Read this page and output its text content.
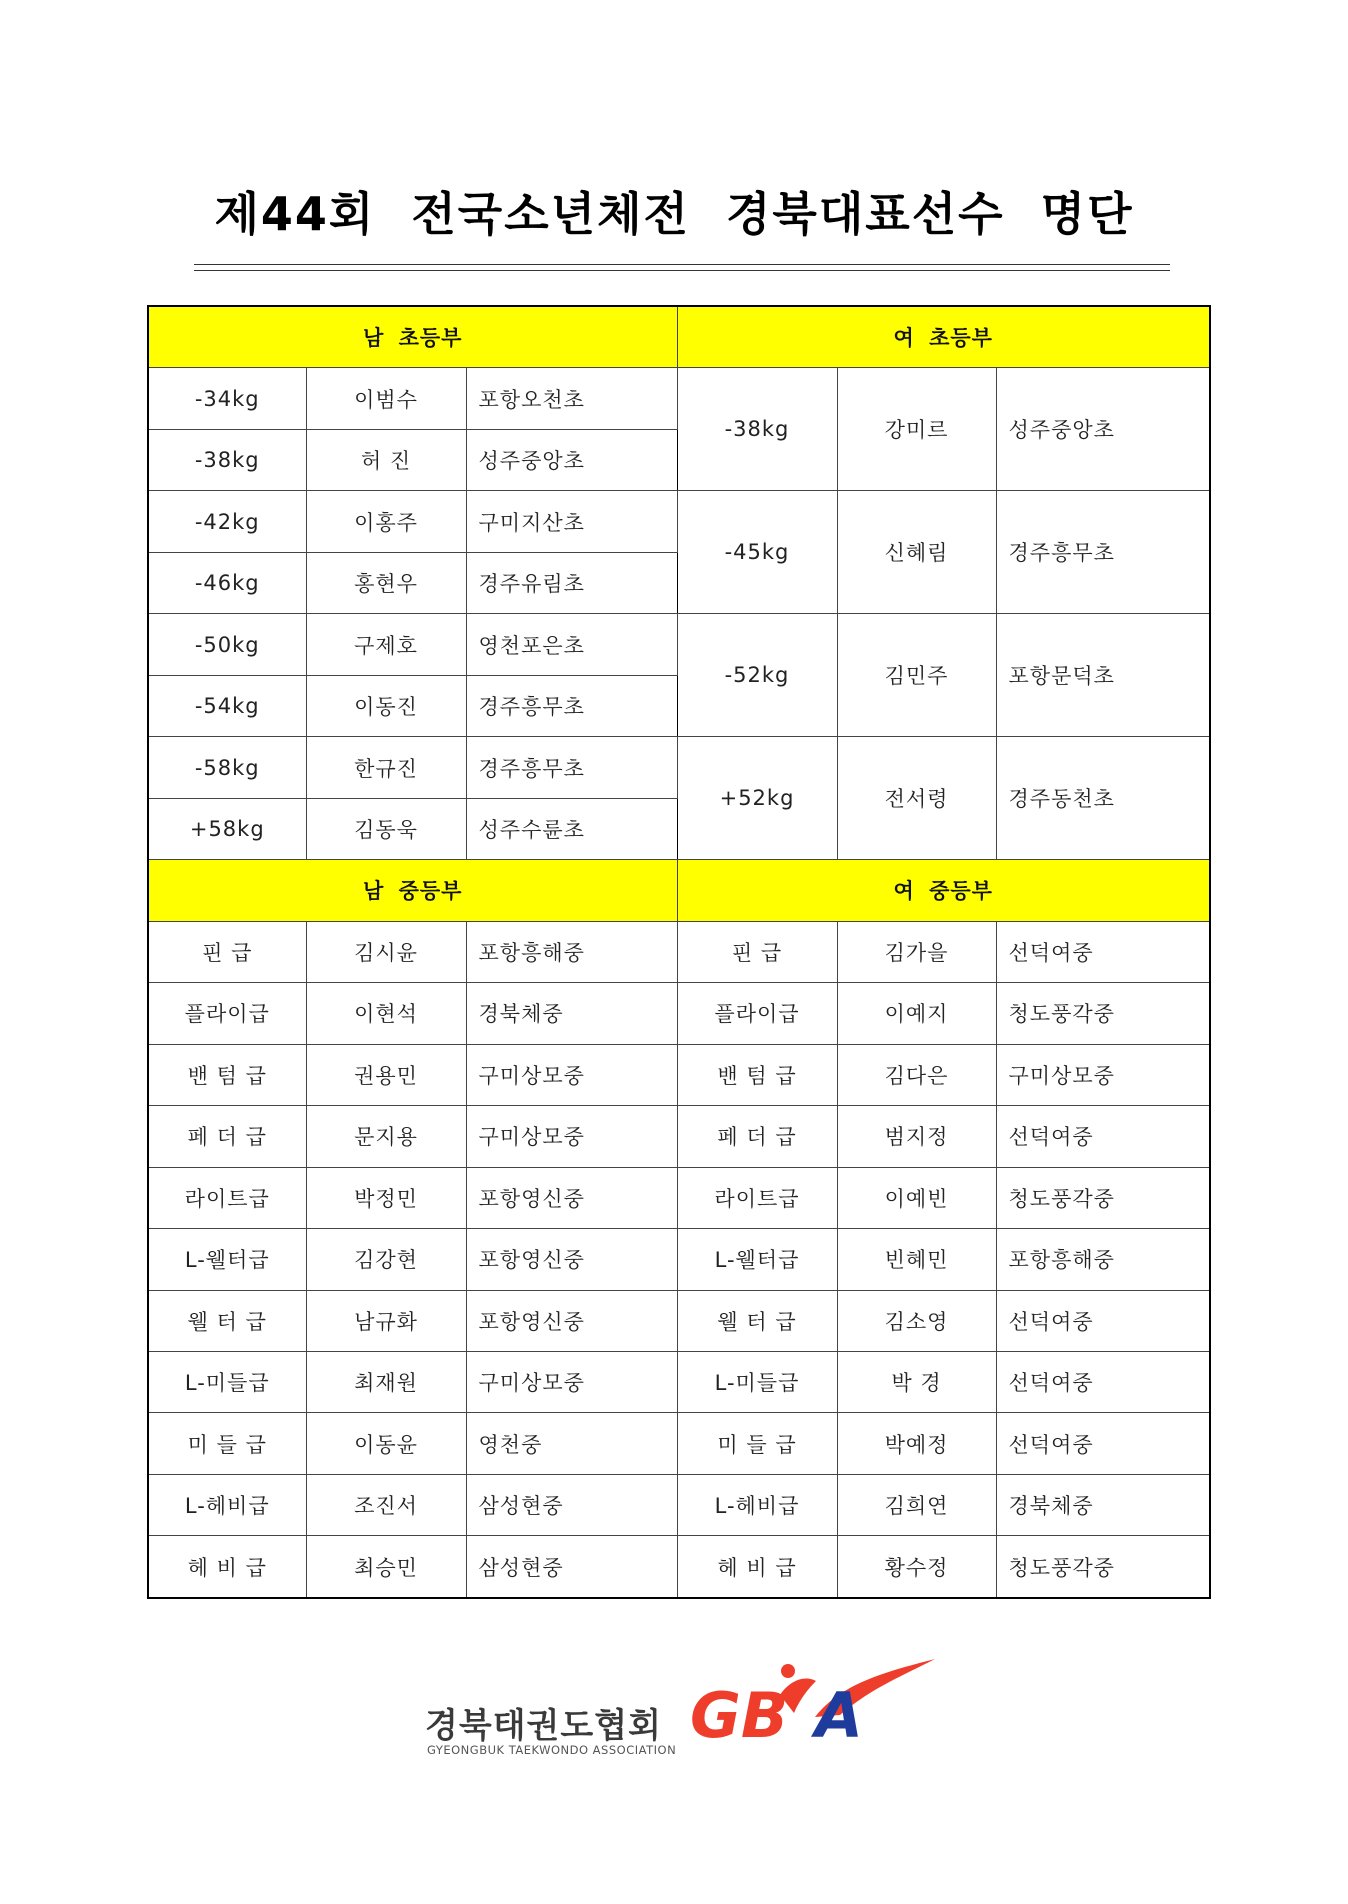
제44회 전국소년체전 경북대표선수 명단
남 초등부			여 초등부		
-34kg	이범수	포항오천초	-38kg	강미르	성주중앙초
-38kg	허 진	성주중앙초			
-42kg	이홍주	구미지산초	-45kg	신혜림	경주흥무초
-46kg	홍현우	경주유림초			
-50kg	구제호	영천포은초	-52kg	김민주	포항문덕초
-54kg	이동진	경주흥무초			
-58kg	한규진	경주흥무초	+52kg	전서령	경주동천초
+58kg	김동욱	성주수륜초			
남 중등부			여 중등부		
핀 급	김시윤	포항흥해중	핀 급	김가을	선덕여중
플라이급	이현석	경북체중	플라이급	이예지	청도풍각중
밴 텀 급	권용민	구미상모중	밴 텀 급	김다은	구미상모중
페 더 급	문지용	구미상모중	페 더 급	범지정	선덕여중
라이트급	박정민	포항영신중	라이트급	이예빈	청도풍각중
L-웰터급	김강현	포항영신중	L-웰터급	빈혜민	포항흥해중
웰 터 급	남규화	포항영신중	웰 터 급	김소영	선덕여중
L-미들급	최재원	구미상모중	L-미들급	박 경	선덕여중
미 들 급	이동윤	영천중	미 들 급	박예정	선덕여중
L-헤비급	조진서	삼성현중	L-헤비급	김희연	경북체중
헤 비 급	최승민	삼성현중	헤 비 급	황수정	청도풍각중
경북태권도협회
GYEONGBUK TAEKWONDO ASSOCIATION GB A
